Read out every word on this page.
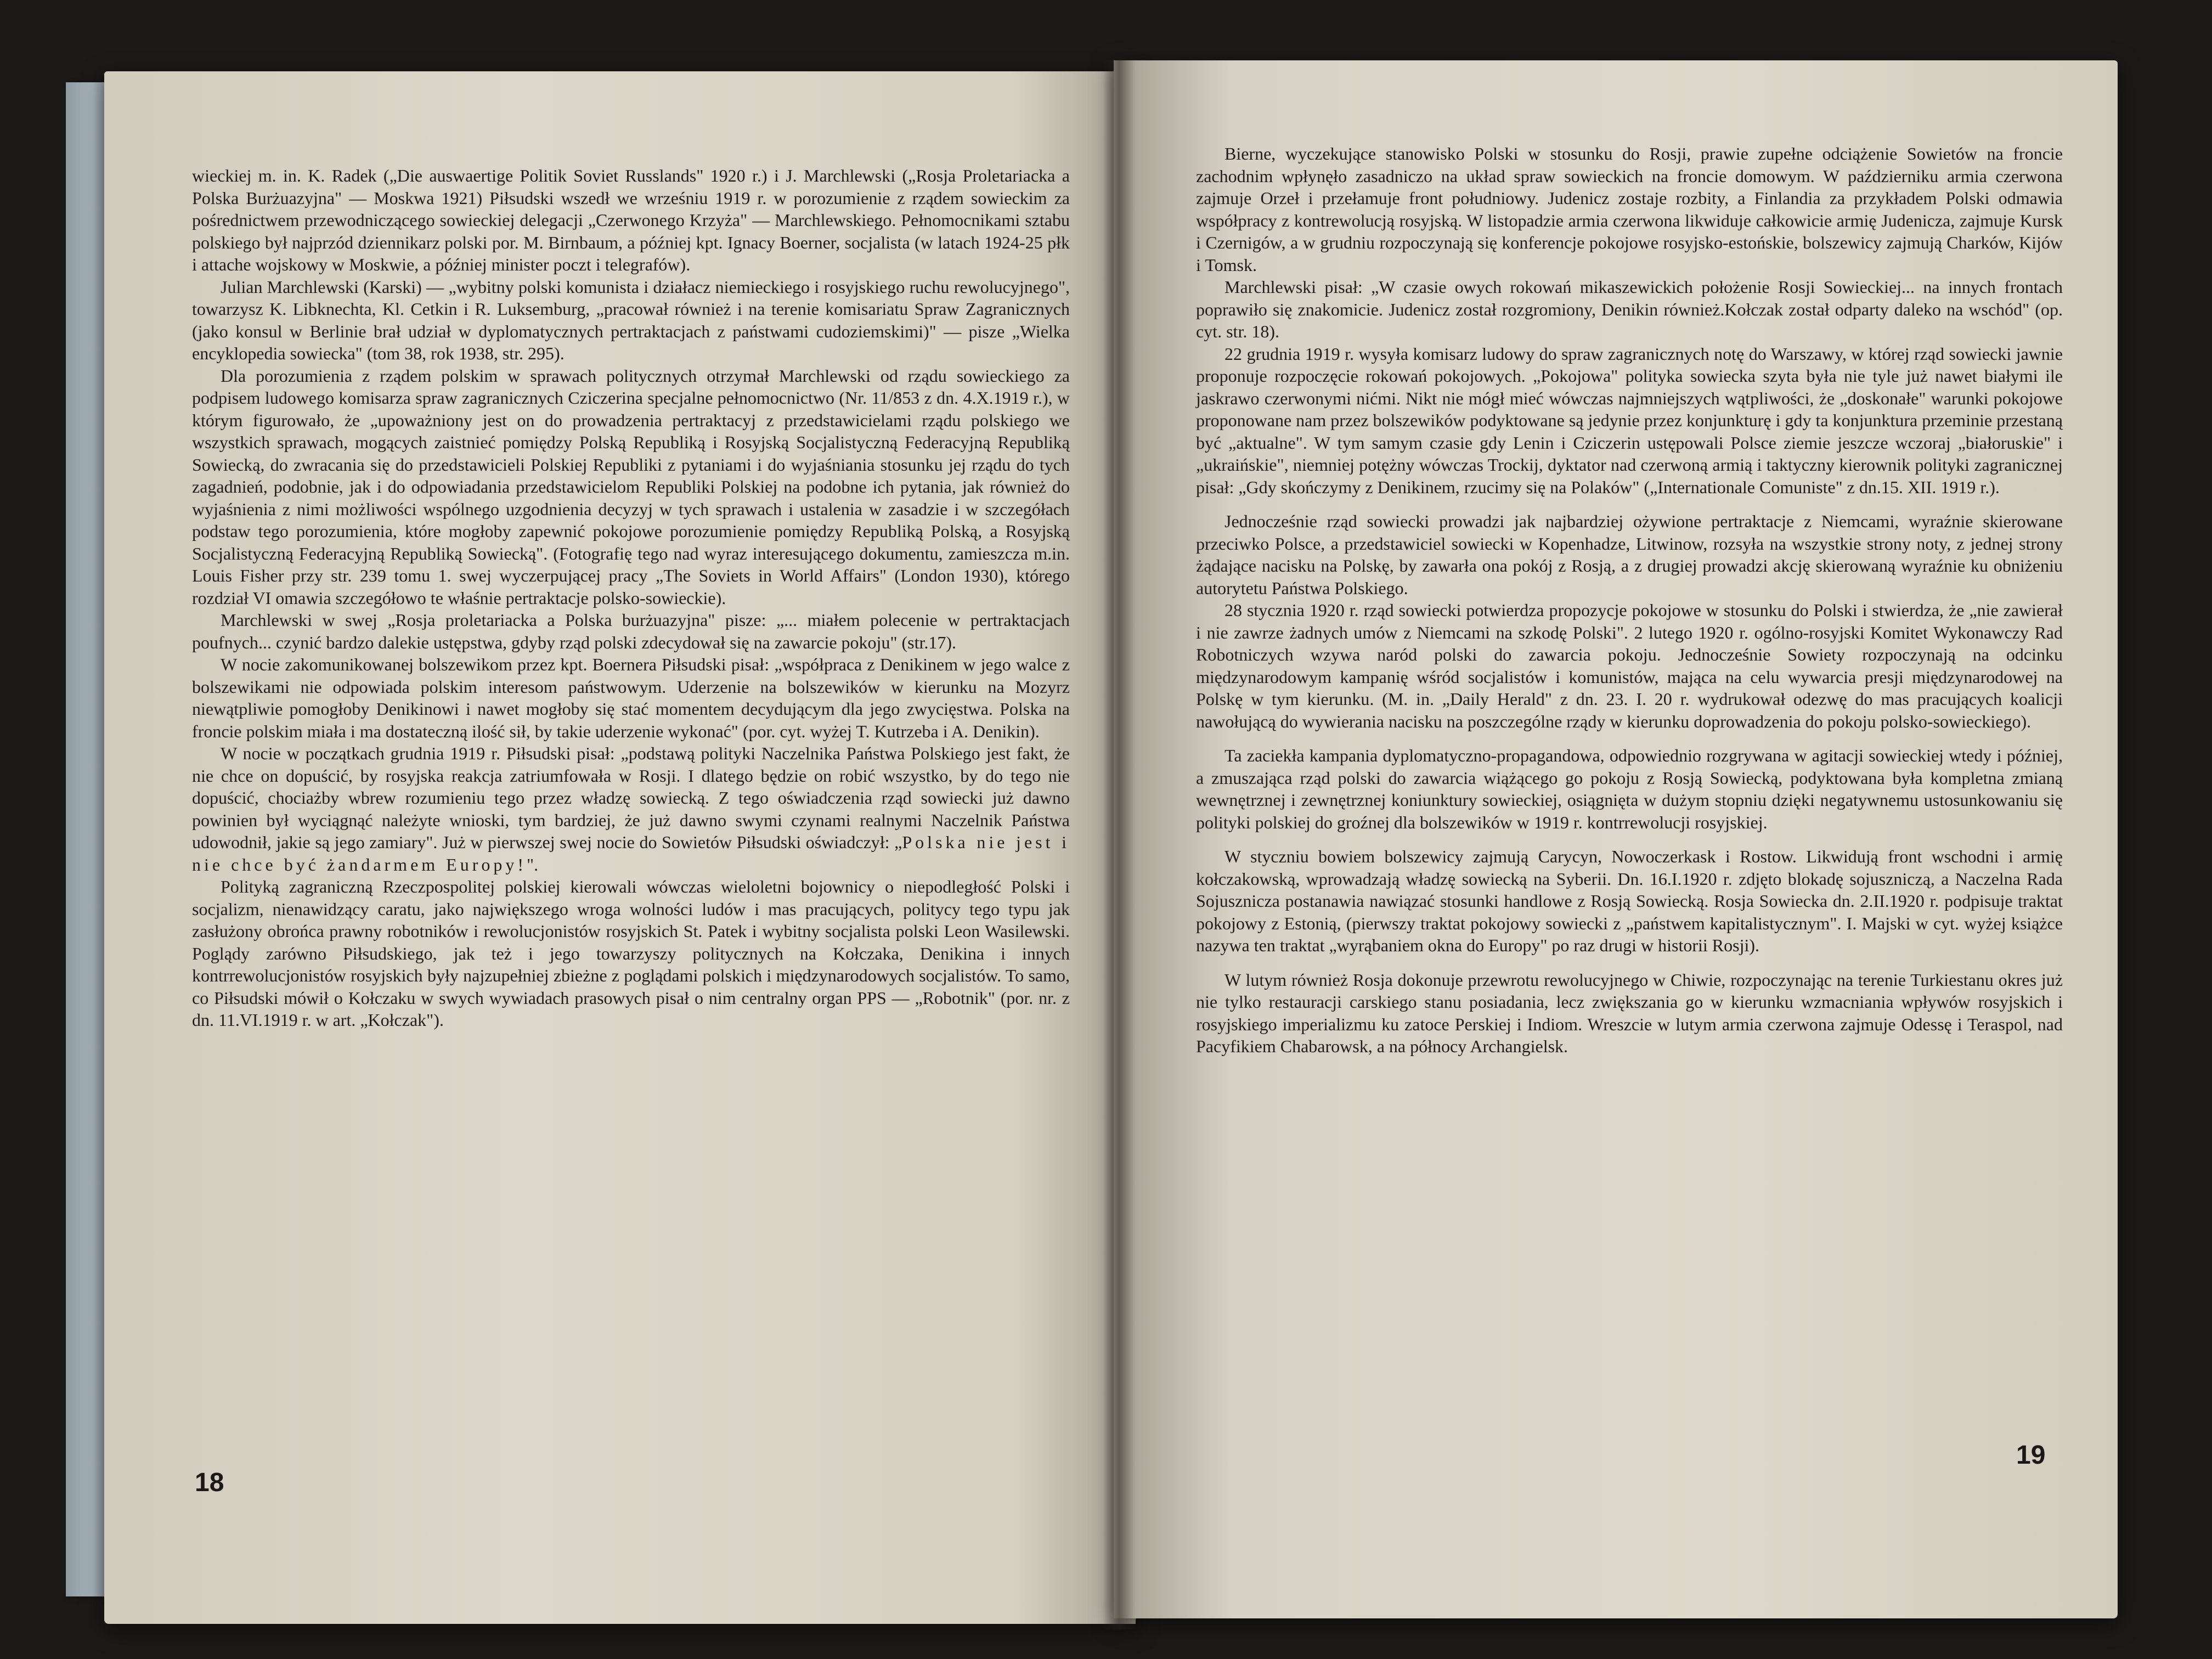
wieckiej m. in. K. Radek („Die auswaertige Politik Soviet Russlands" 1920 r.) i J. Marchlewski („Rosja Proletariacka a Polska Burżuazyjna" — Moskwa 1921) Piłsudski wszedł we wrześniu 1919 r. w porozumienie z rządem sowieckim za pośrednictwem przewodniczącego sowieckiej delegacji „Czerwonego Krzyża" — Marchlewskiego. Pełnomocnikami sztabu polskiego był najprzód dziennikarz polski por. M. Birnbaum, a później kpt. Ignacy Boerner, socjalista (w latach 1924-25 płk i attache wojskowy w Moskwie, a później minister poczt i telegrafów).

Julian Marchlewski (Karski) — „wybitny polski komunista i działacz niemieckiego i rosyjskiego ruchu rewolucyjnego", towarzysz K. Libknechta, Kl. Cetkin i R. Luksemburg, „pracował również i na terenie komisariatu Spraw Zagranicznych (jako konsul w Berlinie brał udział w dyplomatycznych pertraktacjach z państwami cudoziemskimi)" — pisze „Wielka encyklopedia sowiecka" (tom 38, rok 1938, str. 295).

Dla porozumienia z rządem polskim w sprawach politycznych otrzymał Marchlewski od rządu sowieckiego za podpisem ludowego komisarza spraw zagranicznych Cziczerina specjalne pełnomocnictwo (Nr. 11/853 z dn. 4.X.1919 r.), w którym figurowało, że „upoważniony jest on do prowadzenia pertraktacyj z przedstawicielami rządu polskiego we wszystkich sprawach, mogących zaistnieć pomiędzy Polską Republiką i Rosyjską Socjalistyczną Federacyjną Republiką Sowiecką, do zwracania się do przedstawicieli Polskiej Republiki z pytaniami i do wyjaśniania stosunku jej rządu do tych zagadnień, podobnie, jak i do odpowiadania przedstawicielom Republiki Polskiej na podobne ich pytania, jak również do wyjaśnienia z nimi możliwości wspólnego uzgodnienia decyzyj w tych sprawach i ustalenia w zasadzie i w szczegółach podstaw tego porozumienia, które mogłoby zapewnić pokojowe porozumienie pomiędzy Republiką Polską, a Rosyjską Socjalistyczną Federacyjną Republiką Sowiecką". (Fotografię tego nad wyraz interesującego dokumentu, zamieszcza m.in. Louis Fisher przy str. 239 tomu 1. swej wyczerpującej pracy „The Soviets in World Affairs" (London 1930), którego rozdział VI omawia szczegółowo te właśnie pertraktacje polsko-sowieckie).

Marchlewski w swej „Rosja proletariacka a Polska burżuazyjna" pisze: „... miałem polecenie w pertraktacjach poufnych... czynić bardzo dalekie ustępstwa, gdyby rząd polski zdecydował się na zawarcie pokoju" (str.17).

W nocie zakomunikowanej bolszewikom przez kpt. Boernera Piłsudski pisał: „współpraca z Denikinem w jego walce z bolszewikami nie odpowiada polskim interesom państwowym. Uderzenie na bolszewików w kierunku na Mozyrz niewątpliwie pomogłoby Denikinowi i nawet mogłoby się stać momentem decydującym dla jego zwycięstwa. Polska na froncie polskim miała i ma dostateczną ilość sił, by takie uderzenie wykonać" (por. cyt. wyżej T. Kutrzeba i A. Denikin).

W nocie w początkach grudnia 1919 r. Piłsudski pisał: „podstawą polityki Naczelnika Państwa Polskiego jest fakt, że nie chce on dopuścić, by rosyjska reakcja zatriumfowała w Rosji. I dlatego będzie on robić wszystko, by do tego nie dopuścić, chociażby wbrew rozumieniu tego przez władzę sowiecką. Z tego oświadczenia rząd sowiecki już dawno powinien był wyciągnąć należyte wnioski, tym bardziej, że już dawno swymi czynami realnymi Naczelnik Państwa udowodnił, jakie są jego zamiary". Już w pierwszej swej nocie do Sowietów Piłsudski oświadczył: „Polska nie jest i nie chce być żandarmem Europy!".

Polityką zagraniczną Rzeczpospolitej polskiej kierowali wówczas wieloletni bojownicy o niepodległość Polski i socjalizm, nienawidzący caratu, jako największego wroga wolności ludów i mas pracujących, politycy tego typu jak zasłużony obrońca prawny robotników i rewolucjonistów rosyjskich St. Patek i wybitny socjalista polski Leon Wasilewski. Poglądy zarówno Piłsudskiego, jak też i jego towarzyszy politycznych na Kołczaka, Denikina i innych kontrrewolucjonistów rosyjskich były najzupełniej zbieżne z poglądami polskich i międzynarodowych socjalistów. To samo, co Piłsudski mówił o Kołczaku w swych wywiadach prasowych pisał o nim centralny organ PPS — „Robotnik" (por. nr. z dn. 11.VI.1919 r. w art. „Kołczak").

18

Bierne, wyczekujące stanowisko Polski w stosunku do Rosji, prawie zupełne odciążenie Sowietów na froncie zachodnim wpłynęło zasadniczo na układ spraw sowieckich na froncie domowym. W październiku armia czerwona zajmuje Orzeł i przełamuje front południowy. Judenicz zostaje rozbity, a Finlandia za przykładem Polski odmawia współpracy z kontrewolucją rosyjską. W listopadzie armia czerwona likwiduje całkowicie armię Judenicza, zajmuje Kursk i Czernigów, a w grudniu rozpoczynają się konferencje pokojowe rosyjsko-estońskie, bolszewicy zajmują Charków, Kijów i Tomsk.

Marchlewski pisał: „W czasie owych rokowań mikaszewickich położenie Rosji Sowieckiej... na innych frontach poprawiło się znakomicie. Judenicz został rozgromiony, Denikin również.Kołczak został odparty daleko na wschód" (op. cyt. str. 18).

22 grudnia 1919 r. wysyła komisarz ludowy do spraw zagranicznych notę do Warszawy, w której rząd sowiecki jawnie proponuje rozpoczęcie rokowań pokojowych. „Pokojowa" polityka sowiecka szyta była nie tyle już nawet białymi ile jaskrawo czerwonymi nićmi. Nikt nie mógł mieć wówczas najmniejszych wątpliwości, że „doskonałe" warunki pokojowe proponowane nam przez bolszewików podyktowane są jedynie przez konjunkturę i gdy ta konjunktura przeminie przestaną być „aktualne". W tym samym czasie gdy Lenin i Cziczerin ustępowali Polsce ziemie jeszcze wczoraj „białoruskie" i „ukraińskie", niemniej potężny wówczas Trockij, dyktator nad czerwoną armią i taktyczny kierownik polityki zagranicznej pisał: „Gdy skończymy z Denikinem, rzucimy się na Polaków" („Internationale Comuniste" z dn.15. XII. 1919 r.).

Jednocześnie rząd sowiecki prowadzi jak najbardziej ożywione pertraktacje z Niemcami, wyraźnie skierowane przeciwko Polsce, a przedstawiciel sowiecki w Kopenhadze, Litwinow, rozsyła na wszystkie strony noty, z jednej strony żądające nacisku na Polskę, by zawarła ona pokój z Rosją, a z drugiej prowadzi akcję skierowaną wyraźnie ku obniżeniu autorytetu Państwa Polskiego.

28 stycznia 1920 r. rząd sowiecki potwierdza propozycje pokojowe w stosunku do Polski i stwierdza, że „nie zawierał i nie zawrze żadnych umów z Niemcami na szkodę Polski". 2 lutego 1920 r. ogólno-rosyjski Komitet Wykonawczy Rad Robotniczych wzywa naród polski do zawarcia pokoju. Jednocześnie Sowiety rozpoczynają na odcinku międzynarodowym kampanię wśród socjalistów i komunistów, mająca na celu wywarcia presji międzynarodowej na Polskę w tym kierunku. (M. in. „Daily Herald" z dn. 23. I. 20 r. wydrukował odezwę do mas pracujących koalicji nawołującą do wywierania nacisku na poszczególne rządy w kierunku doprowadzenia do pokoju polsko-sowieckiego).

Ta zaciekła kampania dyplomatyczno-propagandowa, odpowiednio rozgrywana w agitacji sowieckiej wtedy i później, a zmuszająca rząd polski do zawarcia wiążącego go pokoju z Rosją Sowiecką, podyktowana była kompletna zmianą wewnętrznej i zewnętrznej koniunktury sowieckiej, osiągnięta w dużym stopniu dzięki negatywnemu ustosunkowaniu się polityki polskiej do groźnej dla bolszewików w 1919 r. kontrrewolucji rosyjskiej.

W styczniu bowiem bolszewicy zajmują Carycyn, Nowoczerkask i Rostow. Likwidują front wschodni i armię kołczakowską, wprowadzają władzę sowiecką na Syberii. Dn. 16.I.1920 r. zdjęto blokadę sojuszniczą, a Naczelna Rada Sojusznicza postanawia nawiązać stosunki handlowe z Rosją Sowiecką. Rosja Sowiecka dn. 2.II.1920 r. podpisuje traktat pokojowy z Estonią, (pierwszy traktat pokojowy sowiecki z „państwem kapitalistycznym". I. Majski w cyt. wyżej książce nazywa ten traktat „wyrąbaniem okna do Europy" po raz drugi w historii Rosji).

W lutym również Rosja dokonuje przewrotu rewolucyjnego w Chiwie, rozpoczynając na terenie Turkiestanu okres już nie tylko restauracji carskiego stanu posiadania, lecz zwiększania go w kierunku wzmacniania wpływów rosyjskich i rosyjskiego imperializmu ku zatoce Perskiej i Indiom. Wreszcie w lutym armia czerwona zajmuje Odessę i Teraspol, nad Pacyfikiem Chabarowsk, a na północy Archangielsk.

19
